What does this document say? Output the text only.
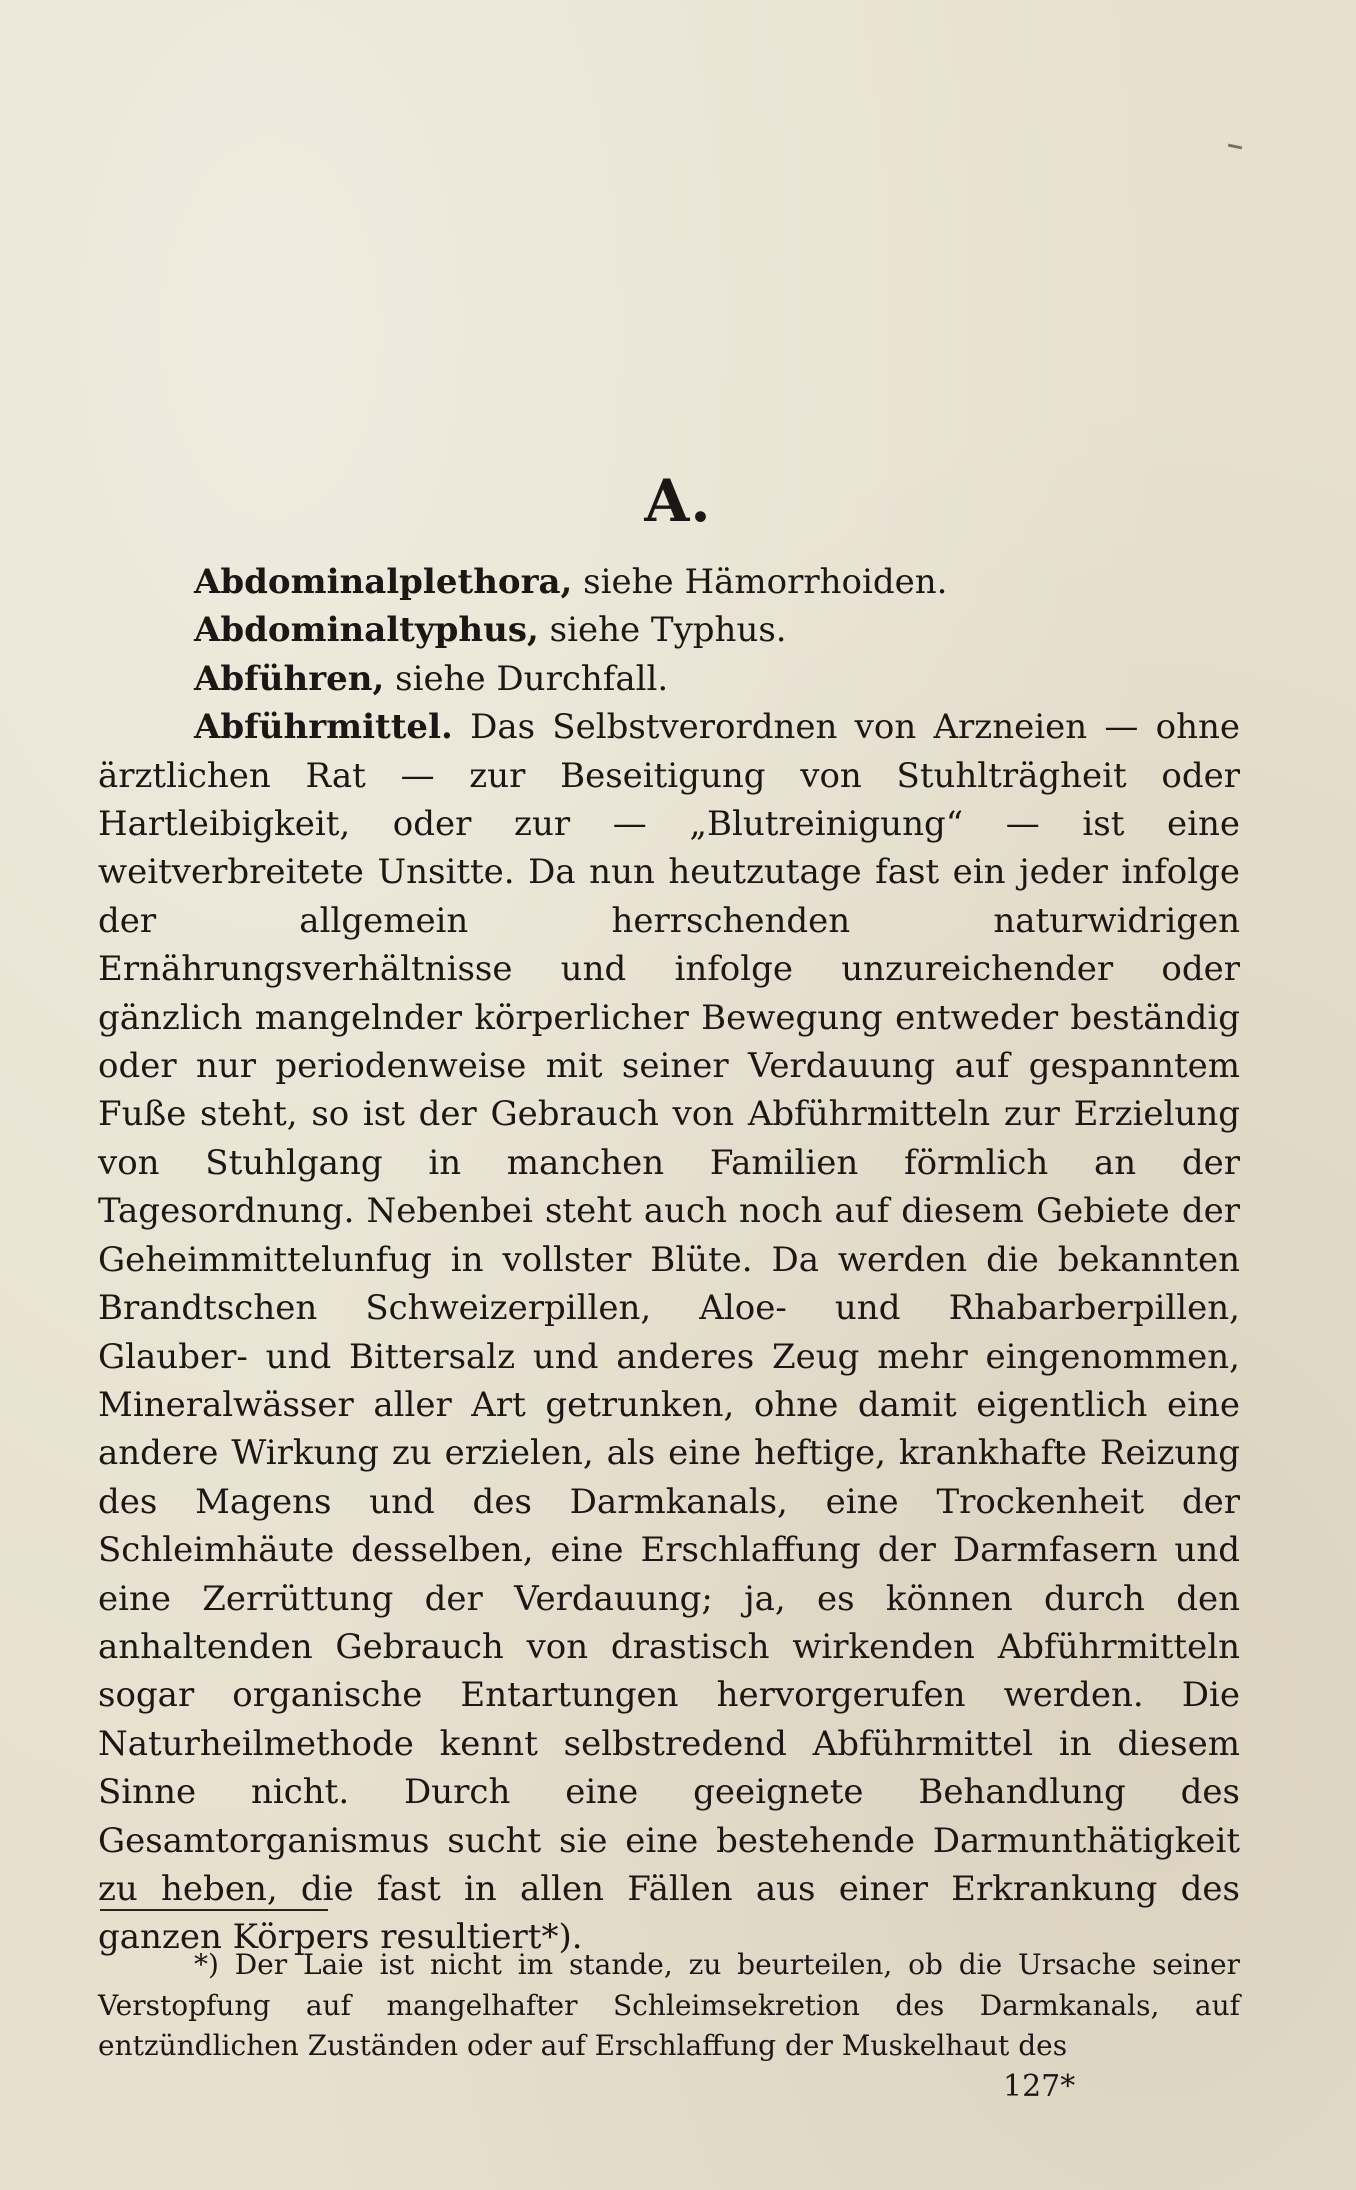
A.

Abdominalplethora, siehe Hämorrhoiden.

Abdominaltyphus, siehe Typhus.

Abführen, siehe Durchfall.

Abführmittel. Das Selbstverordnen von Arzneien — ohne ärztlichen Rat — zur Beseitigung von Stuhlträgheit oder Hartleibigkeit, oder zur — „Blutreinigung“ — ist eine weitverbreitete Unsitte. Da nun heutzutage fast ein jeder infolge der allgemein herrschenden naturwidrigen Ernährungsverhältnisse und infolge unzureichender oder gänzlich mangelnder körperlicher Bewegung entweder beständig oder nur periodenweise mit seiner Verdauung auf gespanntem Fuße steht, so ist der Gebrauch von Abführmitteln zur Erzielung von Stuhlgang in manchen Familien förmlich an der Tagesordnung. Nebenbei steht auch noch auf diesem Gebiete der Geheimmittelunfug in vollster Blüte. Da werden die bekannten Brandtschen Schweizerpillen, Aloe- und Rhabarberpillen, Glauber- und Bittersalz und anderes Zeug mehr eingenommen, Mineralwässer aller Art getrunken, ohne damit eigentlich eine andere Wirkung zu erzielen, als eine heftige, krankhafte Reizung des Magens und des Darmkanals, eine Trockenheit der Schleimhäute desselben, eine Erschlaffung der Darmfasern und eine Zerrüttung der Verdauung; ja, es können durch den anhaltenden Gebrauch von drastisch wirkenden Abführmitteln sogar organische Entartungen hervorgerufen werden. Die Naturheilmethode kennt selbstredend Abführmittel in diesem Sinne nicht. Durch eine geeignete Behandlung des Gesamtorganismus sucht sie eine bestehende Darmunthätigkeit zu heben, die fast in allen Fällen aus einer Erkrankung des ganzen Körpers resultiert*).

*) Der Laie ist nicht im stande, zu beurteilen, ob die Ursache seiner Verstopfung auf mangelhafter Schleimsekretion des Darmkanals, auf entzündlichen Zuständen oder auf Erschlaffung der Muskelhaut des

127*
